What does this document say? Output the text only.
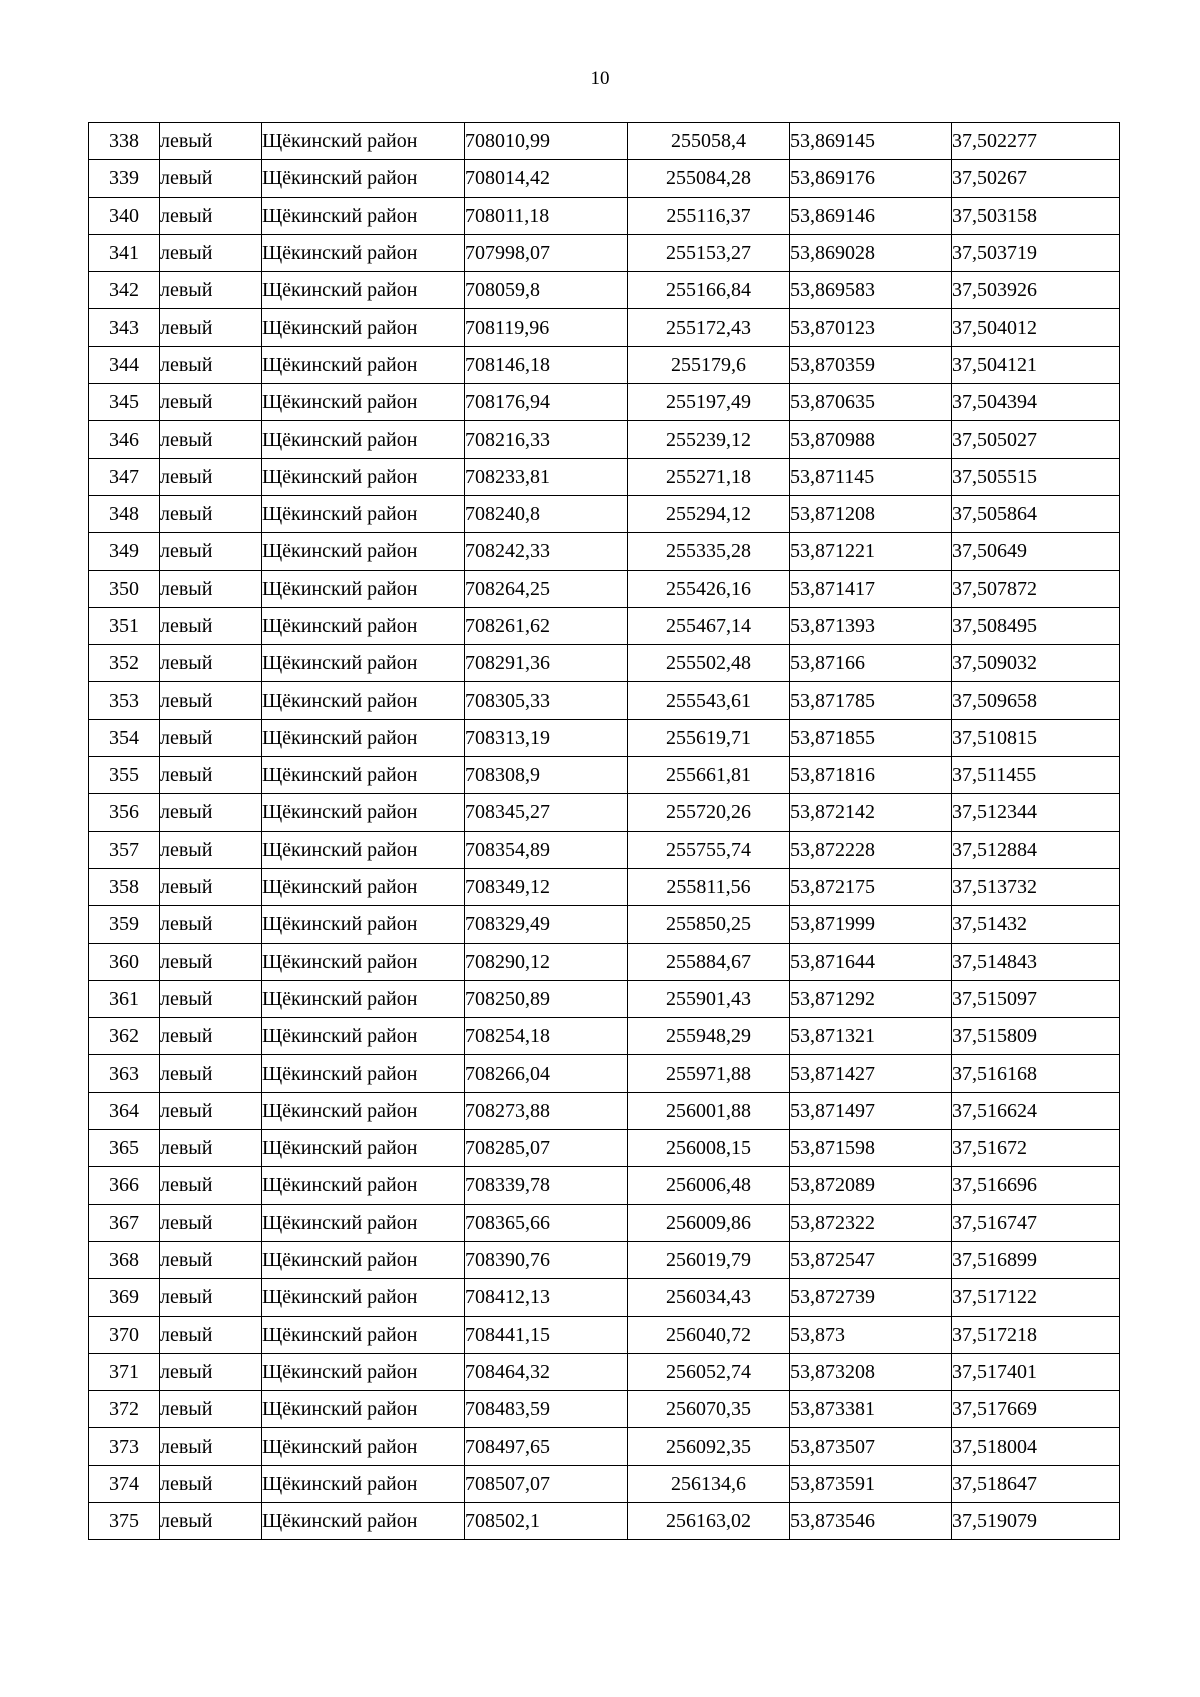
10
338	левый	Щёкинский район	708010,99	255058,4	53,869145	37,502277
339	левый	Щёкинский район	708014,42	255084,28	53,869176	37,50267
340	левый	Щёкинский район	708011,18	255116,37	53,869146	37,503158
341	левый	Щёкинский район	707998,07	255153,27	53,869028	37,503719
342	левый	Щёкинский район	708059,8	255166,84	53,869583	37,503926
343	левый	Щёкинский район	708119,96	255172,43	53,870123	37,504012
344	левый	Щёкинский район	708146,18	255179,6	53,870359	37,504121
345	левый	Щёкинский район	708176,94	255197,49	53,870635	37,504394
346	левый	Щёкинский район	708216,33	255239,12	53,870988	37,505027
347	левый	Щёкинский район	708233,81	255271,18	53,871145	37,505515
348	левый	Щёкинский район	708240,8	255294,12	53,871208	37,505864
349	левый	Щёкинский район	708242,33	255335,28	53,871221	37,50649
350	левый	Щёкинский район	708264,25	255426,16	53,871417	37,507872
351	левый	Щёкинский район	708261,62	255467,14	53,871393	37,508495
352	левый	Щёкинский район	708291,36	255502,48	53,87166	37,509032
353	левый	Щёкинский район	708305,33	255543,61	53,871785	37,509658
354	левый	Щёкинский район	708313,19	255619,71	53,871855	37,510815
355	левый	Щёкинский район	708308,9	255661,81	53,871816	37,511455
356	левый	Щёкинский район	708345,27	255720,26	53,872142	37,512344
357	левый	Щёкинский район	708354,89	255755,74	53,872228	37,512884
358	левый	Щёкинский район	708349,12	255811,56	53,872175	37,513732
359	левый	Щёкинский район	708329,49	255850,25	53,871999	37,51432
360	левый	Щёкинский район	708290,12	255884,67	53,871644	37,514843
361	левый	Щёкинский район	708250,89	255901,43	53,871292	37,515097
362	левый	Щёкинский район	708254,18	255948,29	53,871321	37,515809
363	левый	Щёкинский район	708266,04	255971,88	53,871427	37,516168
364	левый	Щёкинский район	708273,88	256001,88	53,871497	37,516624
365	левый	Щёкинский район	708285,07	256008,15	53,871598	37,51672
366	левый	Щёкинский район	708339,78	256006,48	53,872089	37,516696
367	левый	Щёкинский район	708365,66	256009,86	53,872322	37,516747
368	левый	Щёкинский район	708390,76	256019,79	53,872547	37,516899
369	левый	Щёкинский район	708412,13	256034,43	53,872739	37,517122
370	левый	Щёкинский район	708441,15	256040,72	53,873	37,517218
371	левый	Щёкинский район	708464,32	256052,74	53,873208	37,517401
372	левый	Щёкинский район	708483,59	256070,35	53,873381	37,517669
373	левый	Щёкинский район	708497,65	256092,35	53,873507	37,518004
374	левый	Щёкинский район	708507,07	256134,6	53,873591	37,518647
375	левый	Щёкинский район	708502,1	256163,02	53,873546	37,519079
